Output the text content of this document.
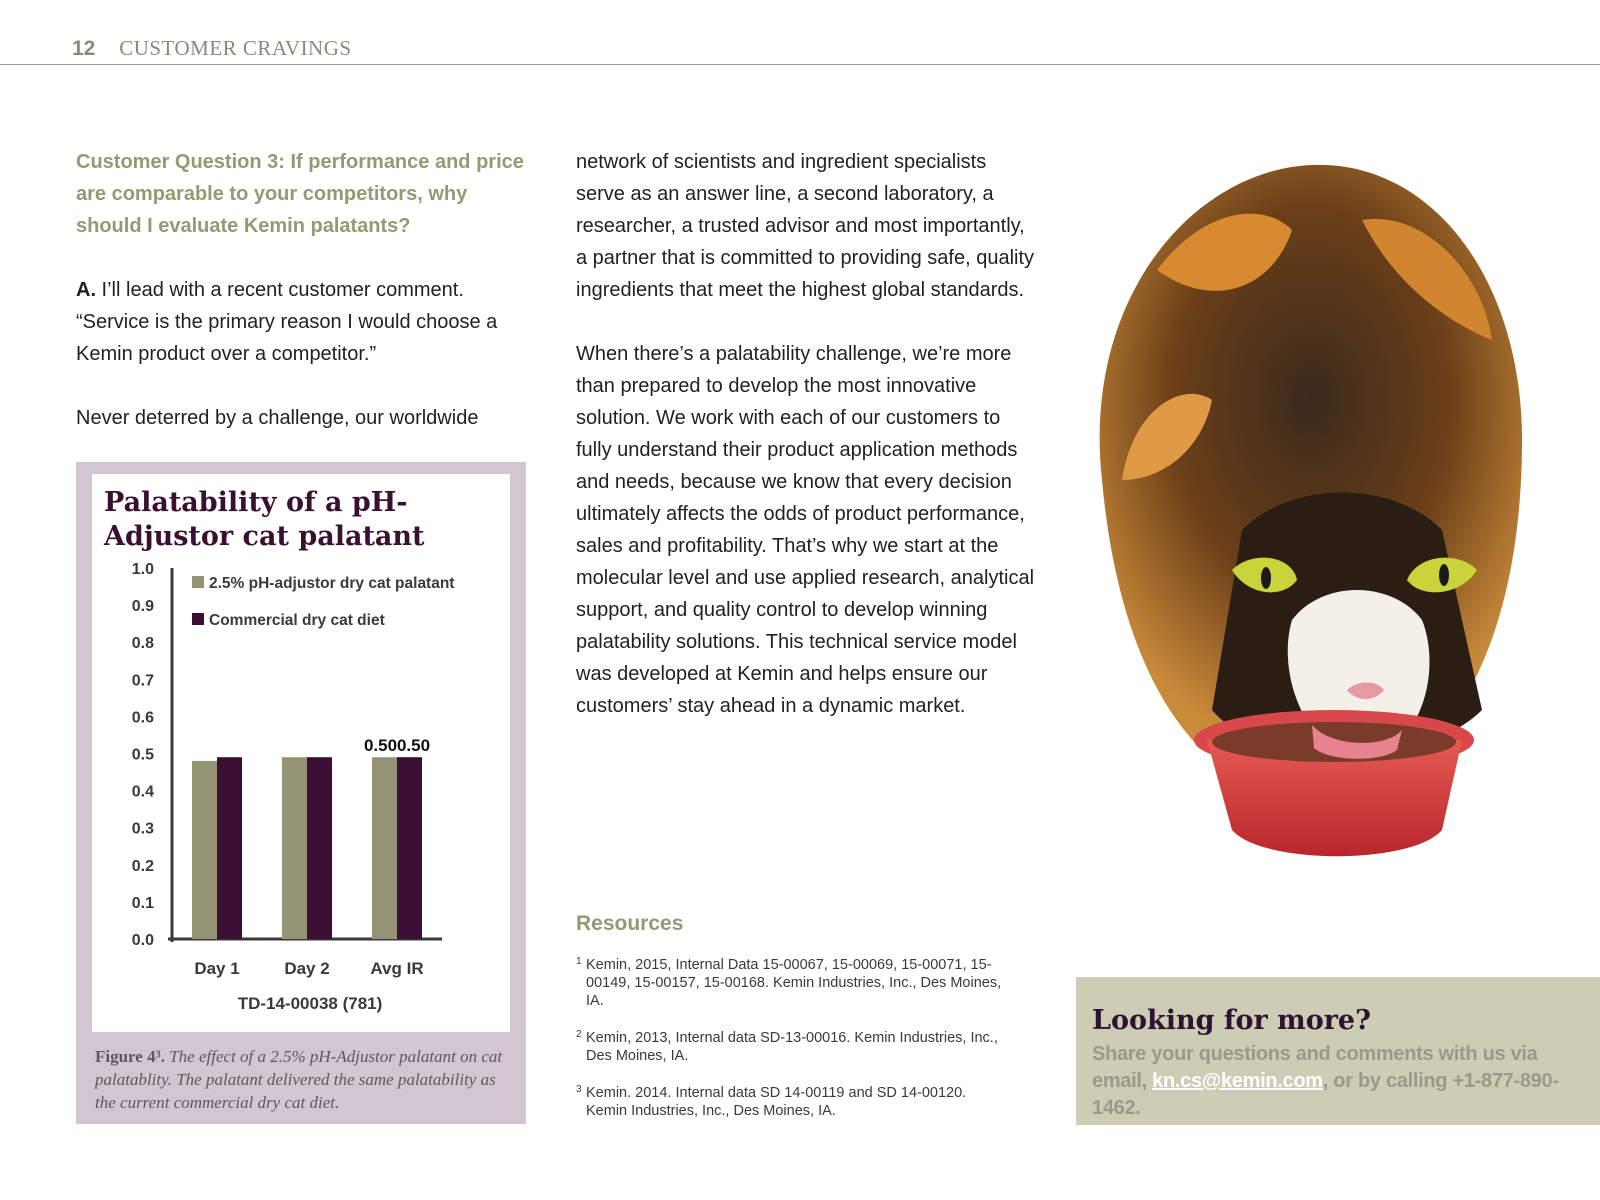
12 CUSTOMER CRAVINGS

Customer Question 3: If performance and price are comparable to your competitors, why should I evaluate Kemin palatants?

A. I’ll lead with a recent customer comment. “Service is the primary reason I would choose a Kemin product over a competitor.”

Never deterred by a challenge, our worldwide

Palatability of a pH-Adjustor cat palatant
0.0
0.1
0.2
0.3
0.4
0.5
0.6
0.7
0.8
0.9
1.0
Day 1	Day 2 Avg IR
0.50 0.50
2.5% pH-adjustor dry cat palatant
Commercial dry cat diet
TD-14-00038 (781)

Figure 4³. The effect of a 2.5% pH-Adjustor palatant on cat palatablity. The palatant delivered the same palatability as the current commercial dry cat diet.

network of scientists and ingredient specialists serve as an answer line, a second laboratory, a researcher, a trusted advisor and most importantly, a partner that is committed to providing safe, quality ingredients that meet the highest global standards.

When there’s a palatability challenge, we’re more than prepared to develop the most innovative solution. We work with each of our customers to fully understand their product application methods and needs, because we know that every decision ultimately affects the odds of product performance, sales and profitability. That’s why we start at the molecular level and use applied research, analytical support, and quality control to develop winning palatability solutions. This technical service model was developed at Kemin and helps ensure our customers’ stay ahead in a dynamic market.

Resources

1 Kemin, 2015, Internal Data 15-00067, 15-00069, 15-00071, 15-00149, 15-00157, 15-00168. Kemin Industries, Inc., Des Moines, IA.

2 Kemin, 2013, Internal data SD-13-00016. Kemin Industries, Inc., Des Moines, IA.

3 Kemin. 2014. Internal data SD 14-00119 and SD 14-00120. Kemin Industries, Inc., Des Moines, IA.

Looking for more?

Share your questions and comments with us via email, kn.cs@kemin.com, or by calling +1-877-890-1462.
